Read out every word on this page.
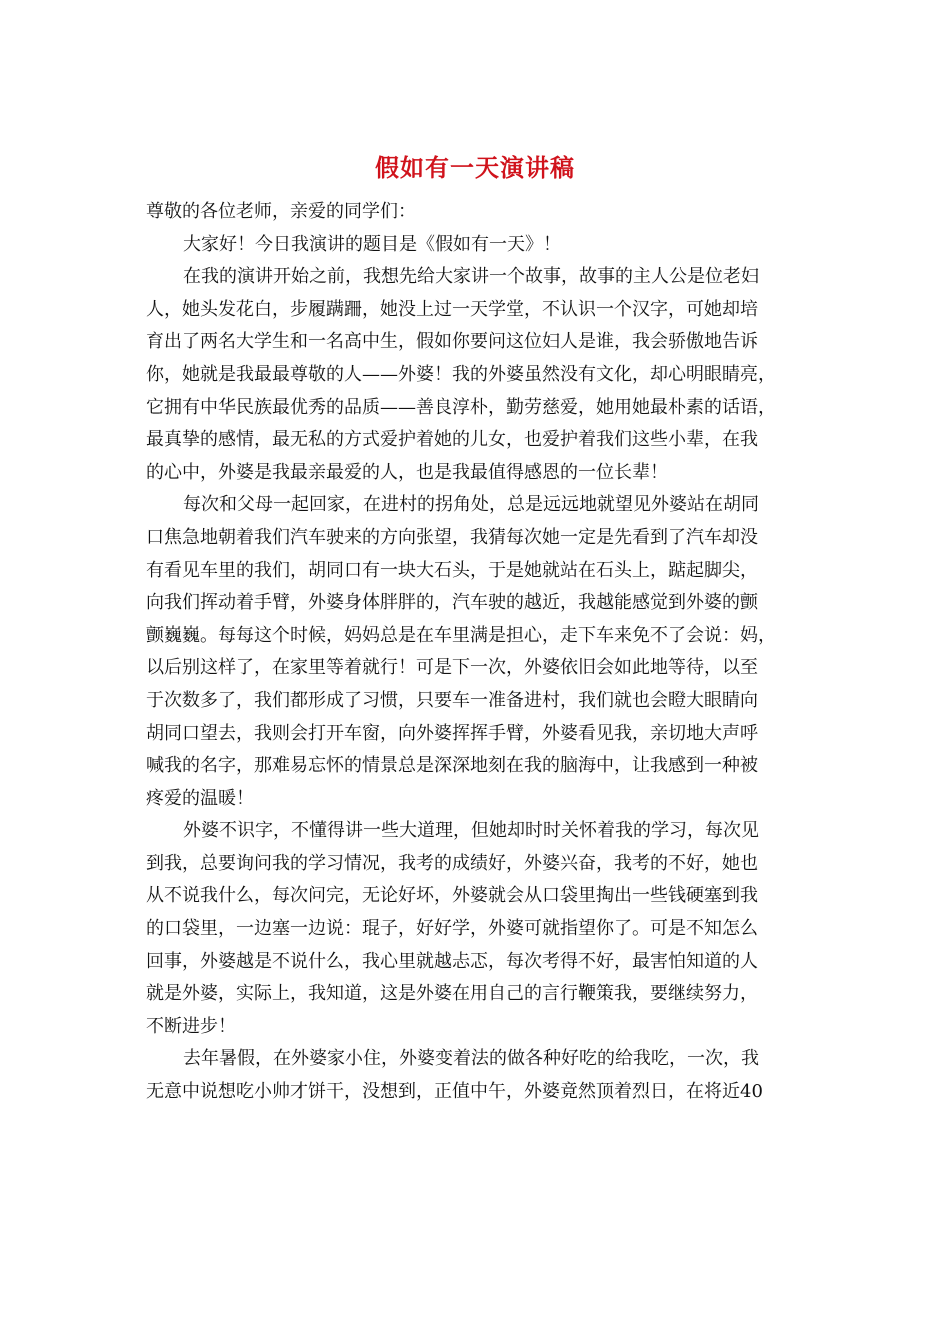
假如有一天演讲稿
尊敬的各位老师，亲爱的同学们：
大家好！今日我演讲的题目是《假如有一天》！
在我的演讲开始之前，我想先给大家讲一个故事，故事的主人公是位老妇
人，她头发花白，步履蹒跚，她没上过一天学堂，不认识一个汉字，可她却培
育出了两名大学生和一名高中生，假如你要问这位妇人是谁，我会骄傲地告诉
你，她就是我最最尊敬的人——外婆！我的外婆虽然没有文化，却心明眼睛亮，
它拥有中华民族最优秀的品质——善良淳朴，勤劳慈爱，她用她最朴素的话语，
最真挚的感情，最无私的方式爱护着她的儿女，也爱护着我们这些小辈，在我
的心中，外婆是我最亲最爱的人，也是我最值得感恩的一位长辈！
每次和父母一起回家，在进村的拐角处，总是远远地就望见外婆站在胡同
口焦急地朝着我们汽车驶来的方向张望，我猜每次她一定是先看到了汽车却没
有看见车里的我们，胡同口有一块大石头，于是她就站在石头上，踮起脚尖，
向我们挥动着手臂，外婆身体胖胖的，汽车驶的越近，我越能感觉到外婆的颤
颤巍巍。每每这个时候，妈妈总是在车里满是担心，走下车来免不了会说：妈，
以后别这样了，在家里等着就行！可是下一次，外婆依旧会如此地等待，以至
于次数多了，我们都形成了习惯，只要车一准备进村，我们就也会瞪大眼睛向
胡同口望去，我则会打开车窗，向外婆挥挥手臂，外婆看见我，亲切地大声呼
喊我的名字，那难易忘怀的情景总是深深地刻在我的脑海中，让我感到一种被
疼爱的温暖！
外婆不识字，不懂得讲一些大道理，但她却时时关怀着我的学习，每次见
到我，总要询问我的学习情况，我考的成绩好，外婆兴奋，我考的不好，她也
从不说我什么，每次问完，无论好坏，外婆就会从口袋里掏出一些钱硬塞到我
的口袋里，一边塞一边说：琨子，好好学，外婆可就指望你了。可是不知怎么
回事，外婆越是不说什么，我心里就越忐忑，每次考得不好，最害怕知道的人
就是外婆，实际上，我知道，这是外婆在用自己的言行鞭策我，要继续努力，
不断进步！
去年暑假，在外婆家小住，外婆变着法的做各种好吃的给我吃，一次，我
无意中说想吃小帅才饼干，没想到，正值中午，外婆竟然顶着烈日，在将近40
